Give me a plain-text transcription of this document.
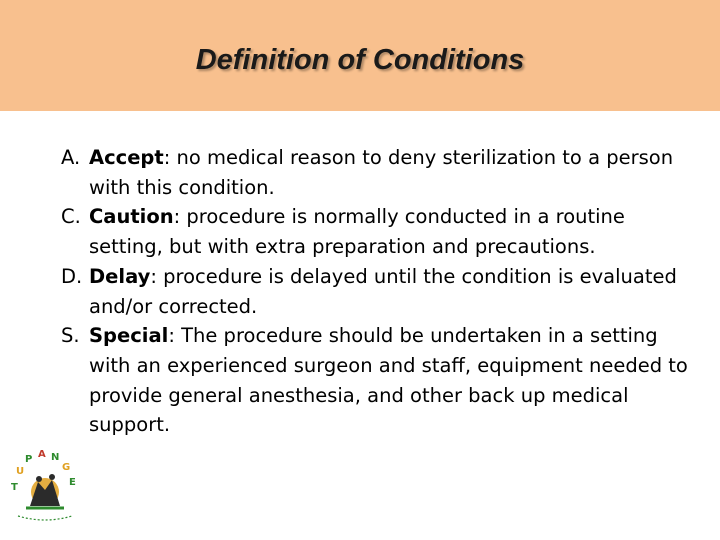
Definition of Conditions
A. Accept: no medical reason to deny sterilization to a person with this condition.
C. Caution: procedure is normally conducted in a routine setting, but with extra preparation and precautions.
D. Delay: procedure is delayed until the condition is evaluated and/or corrected.
S. Special: The procedure should be undertaken in a setting with an experienced surgeon and staff, equipment needed to provide general anesthesia, and other back up medical support.
T
U
P A N
G
E
